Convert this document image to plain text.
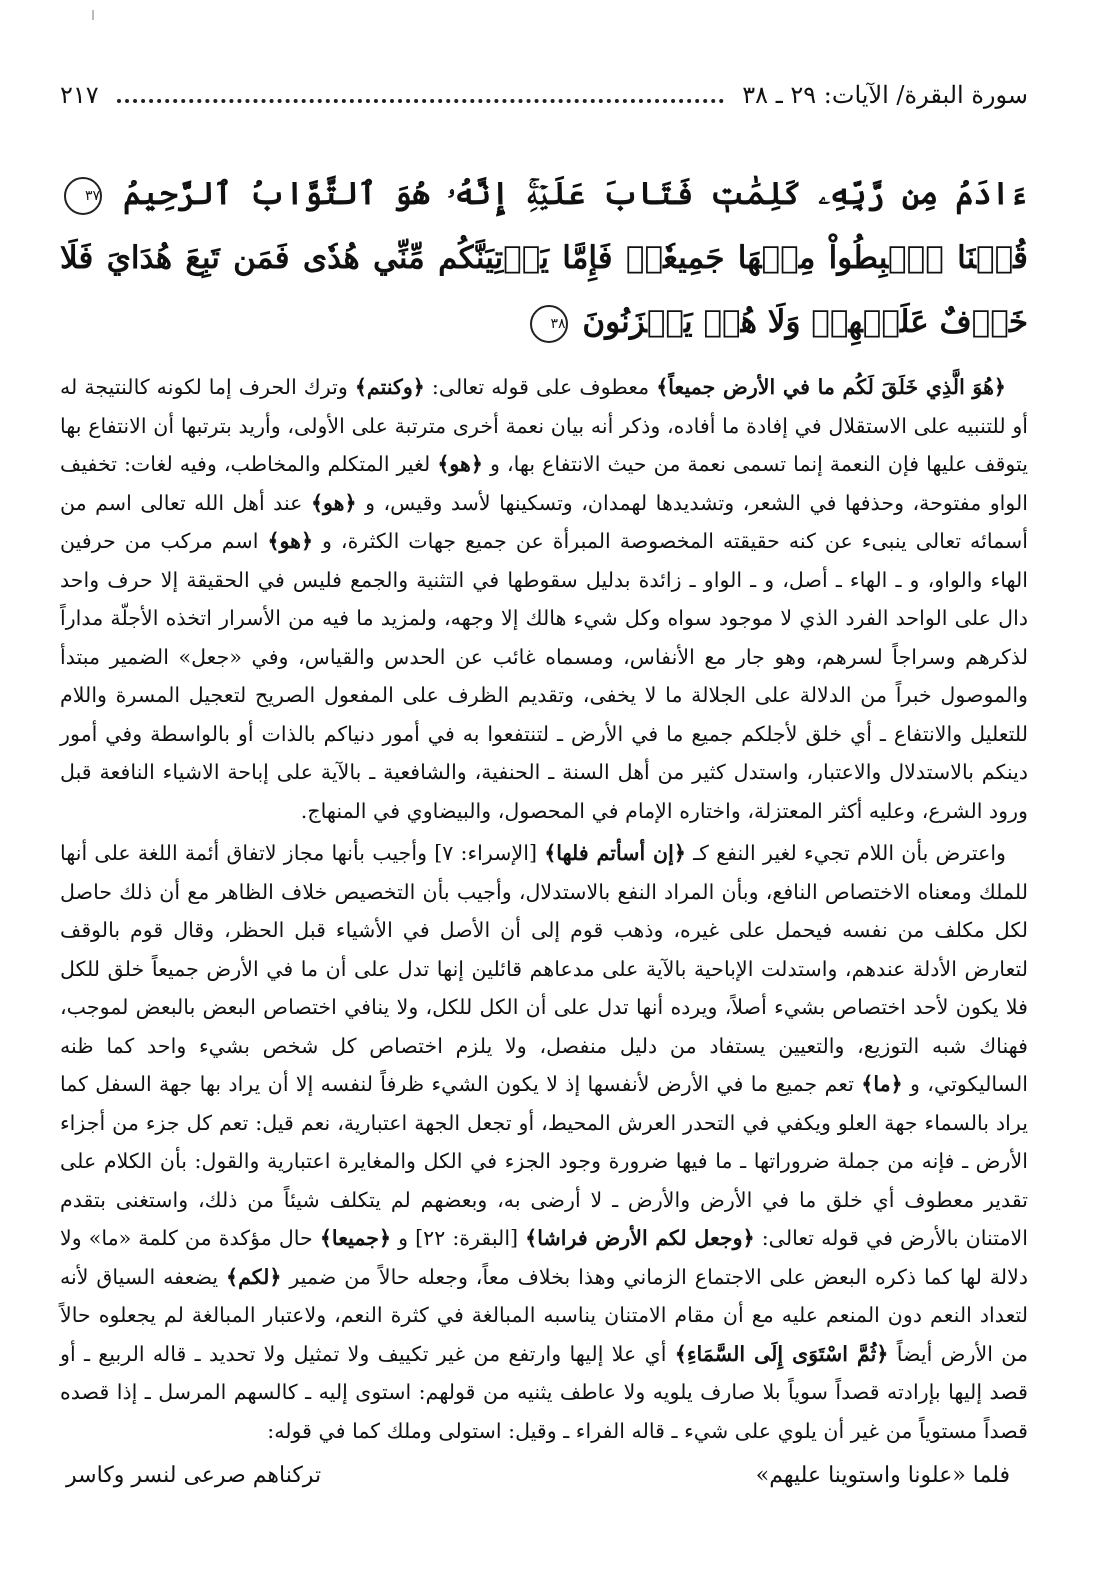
سورة البقرة/ الآيات: ٢٩ ـ ٣٨
٢١٧
ءَادَمُ مِن رَّبِّهِۦ كَلِمَٰتٖ فَتَابَ عَلَيۡهِۚ إِنَّهُۥ هُوَ ٱلتَّوَّابُ ٱلرَّحِيمُ ٣٧ قُلۡنَا ٱهۡبِطُواْ مِنۡهَا جَمِيعٗاۖ فَإِمَّا يَأۡتِيَنَّكُم مِّنِّي هُدٗى فَمَن تَبِعَ هُدَايَ فَلَا خَوۡفٌ عَلَيۡهِمۡ وَلَا هُمۡ يَحۡزَنُونَ ٣٨

﴿هُوَ الَّذِي خَلَقَ لَكُم ما في الأرض جميعاً﴾ معطوف على قوله تعالى: ﴿وكنتم﴾ وترك الحرف إما لكونه كالنتيجة له أو للتنبيه على الاستقلال في إفادة ما أفاده، وذكر أنه بيان نعمة أخرى مترتبة على الأولى، وأريد بترتبها أن الانتفاع بها يتوقف عليها فإن النعمة إنما تسمى نعمة من حيث الانتفاع بها، و ﴿هو﴾ لغير المتكلم والمخاطب، وفيه لغات: تخفيف الواو مفتوحة، وحذفها في الشعر، وتشديدها لهمدان، وتسكينها لأسد وقيس، و ﴿هو﴾ عند أهل الله تعالى اسم من أسمائه تعالى ينبىء عن كنه حقيقته المخصوصة المبرأة عن جميع جهات الكثرة، و ﴿هو﴾ اسم مركب من حرفين الهاء والواو، و ـ الهاء ـ أصل، و ـ الواو ـ زائدة بدليل سقوطها في التثنية والجمع فليس في الحقيقة إلا حرف واحد دال على الواحد الفرد الذي لا موجود سواه وكل شيء هالك إلا وجهه، ولمزيد ما فيه من الأسرار اتخذه الأجلّة مداراً لذكرهم وسراجاً لسرهم، وهو جار مع الأنفاس، ومسماه غائب عن الحدس والقياس، وفي «جعل» الضمير مبتدأ والموصول خبراً من الدلالة على الجلالة ما لا يخفى، وتقديم الظرف على المفعول الصريح لتعجيل المسرة واللام للتعليل والانتفاع ـ أي خلق لأجلكم جميع ما في الأرض ـ لتنتفعوا به في أمور دنياكم بالذات أو بالواسطة وفي أمور دينكم بالاستدلال والاعتبار، واستدل كثير من أهل السنة ـ الحنفية، والشافعية ـ بالآية على إباحة الاشياء النافعة قبل ورود الشرع، وعليه أكثر المعتزلة، واختاره الإمام في المحصول، والبيضاوي في المنهاج.

واعترض بأن اللام تجيء لغير النفع كـ ﴿إن أسأتم فلها﴾ [الإسراء: ٧] وأجيب بأنها مجاز لاتفاق أئمة اللغة على أنها للملك ومعناه الاختصاص النافع، وبأن المراد النفع بالاستدلال، وأجيب بأن التخصيص خلاف الظاهر مع أن ذلك حاصل لكل مكلف من نفسه فيحمل على غيره، وذهب قوم إلى أن الأصل في الأشياء قبل الحظر، وقال قوم بالوقف لتعارض الأدلة عندهم، واستدلت الإباحية بالآية على مدعاهم قائلين إنها تدل على أن ما في الأرض جميعاً خلق للكل فلا يكون لأحد اختصاص بشيء أصلاً، ويرده أنها تدل على أن الكل للكل، ولا ينافي اختصاص البعض بالبعض لموجب، فهناك شبه التوزيع، والتعيين يستفاد من دليل منفصل، ولا يلزم اختصاص كل شخص بشيء واحد كما ظنه الساليكوتي، و ﴿ما﴾ تعم جميع ما في الأرض لأنفسها إذ لا يكون الشيء ظرفاً لنفسه إلا أن يراد بها جهة السفل كما يراد بالسماء جهة العلو ويكفي في التحدر العرش المحيط، أو تجعل الجهة اعتبارية، نعم قيل: تعم كل جزء من أجزاء الأرض ـ فإنه من جملة ضروراتها ـ ما فيها ضرورة وجود الجزء في الكل والمغايرة اعتبارية والقول: بأن الكلام على تقدير معطوف أي خلق ما في الأرض والأرض ـ لا أرضى به، وبعضهم لم يتكلف شيئاً من ذلك، واستغنى بتقدم الامتنان بالأرض في قوله تعالى: ﴿وجعل لكم الأرض فراشا﴾ [البقرة: ٢٢] و ﴿جميعا﴾ حال مؤكدة من كلمة «ما» ولا دلالة لها كما ذكره البعض على الاجتماع الزماني وهذا بخلاف معاً، وجعله حالاً من ضمير ﴿لكم﴾ يضعفه السياق لأنه لتعداد النعم دون المنعم عليه مع أن مقام الامتنان يناسبه المبالغة في كثرة النعم، ولاعتبار المبالغة لم يجعلوه حالاً من الأرض أيضاً ﴿ثُمَّ اسْتَوَى إِلَى السَّمَاءِ﴾ أي علا إليها وارتفع من غير تكييف ولا تمثيل ولا تحديد ـ قاله الربيع ـ أو قصد إليها بإرادته قصداً سوياً بلا صارف يلويه ولا عاطف يثنيه من قولهم: استوى إليه ـ كالسهم المرسل ـ إذا قصده قصداً مستوياً من غير أن يلوي على شيء ـ قاله الفراء ـ وقيل: استولى وملك كما في قوله:

فلما «علونا واستوينا عليهم»
تركناهم صرعى لنسر وكاسر
